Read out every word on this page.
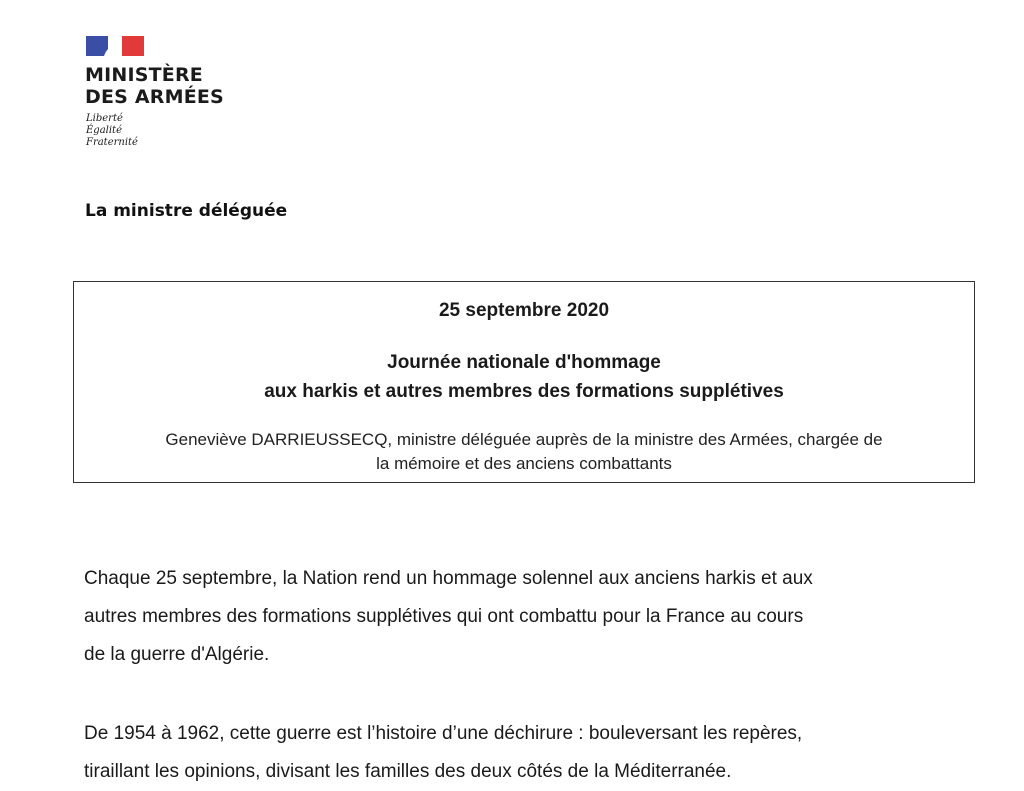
MINISTÈRE
DES ARMÉES
Liberté
Égalité
Fraternité
La ministre déléguée
25 septembre 2020
Journée nationale d'hommage
aux harkis et autres membres des formations supplétives
Geneviève DARRIEUSSECQ, ministre déléguée auprès de la ministre des Armées, chargée de
la mémoire et des anciens combattants
Chaque 25 septembre, la Nation rend un hommage solennel aux anciens harkis et aux
autres membres des formations supplétives qui ont combattu pour la France au cours
de la guerre d'Algérie.
De 1954 à 1962, cette guerre est l’histoire d’une déchirure : bouleversant les repères,
tiraillant les opinions, divisant les familles des deux côtés de la Méditerranée.
